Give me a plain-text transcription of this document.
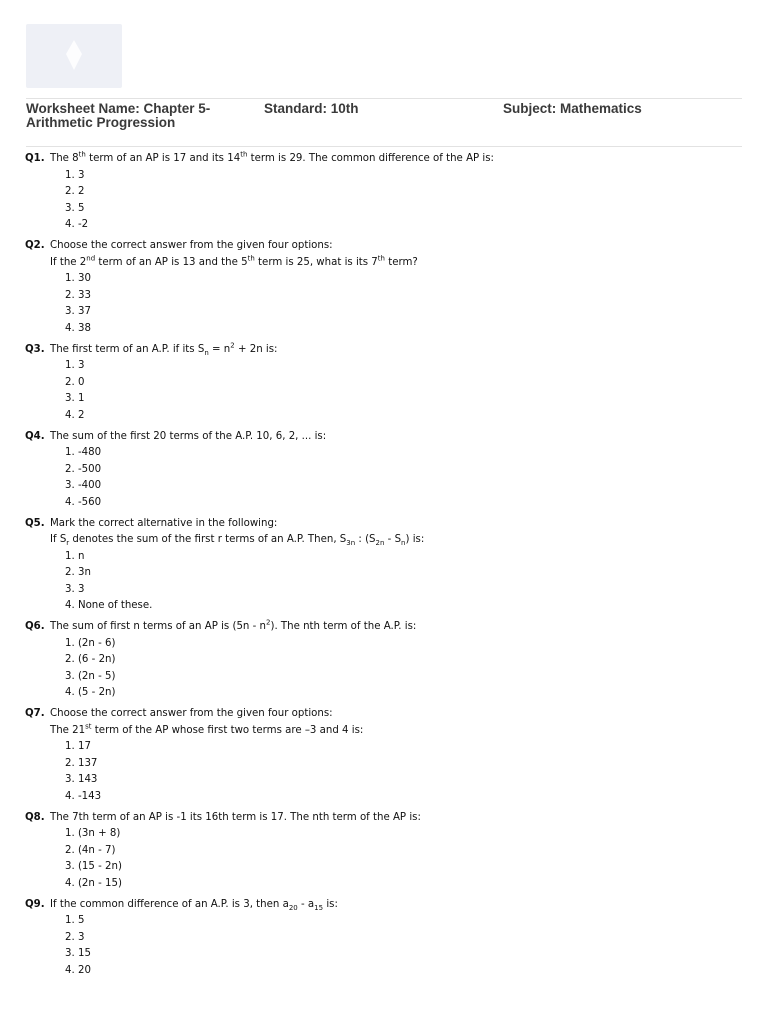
Worksheet Name: Chapter 5- Arithmetic Progression
Standard: 10th	Subject: Mathematics
Q1. The 8th term of an AP is 17 and its 14th term is 29. The common difference of the AP is:
1. 3
2. 2
3. 5
4. -2
Q2. Choose the correct answer from the given four options:
If the 2nd term of an AP is 13 and the 5th term is 25, what is its 7th term?
1. 30
2. 33
3. 37
4. 38
Q3. The first term of an A.P. if its $S_n = n^2 + 2n$ is:
1. 3
2. 0
3. 1
4. 2
Q4. The sum of the first 20 terms of the A.P. 10, 6, 2, ... is:
1. -480
2. -500
3. -400
4. -560
Q5. Mark the correct alternative in the following:
If $S_r$ denotes the sum of the first r terms of an A.P. Then, $S_{3n}$ : $(S_{2n} - S_n)$ is:
1. n
2. 3n
3. 3
4. None of these.
Q6. The sum of first n terms of an AP is $(5n - n^2)$. The nth term of the A.P. is:
1. (2n - 6)
2. (6 - 2n)
3. (2n - 5)
4. (5 - 2n)
Q7. Choose the correct answer from the given four options:
The 21st term of the AP whose first two terms are –3 and 4 is:
1. 17
2. 137
3. 143
4. -143
Q8. The 7th term of an AP is -1 its 16th term is 17. The nth term of the AP is:
1. (3n + 8)
2. (4n - 7)
3. (15 - 2n)
4. (2n - 15)
Q9. If the common difference of an A.P. is 3, then $a_{20} - a_{15}$ is:
1. 5
2. 3
3. 15
4. 20
